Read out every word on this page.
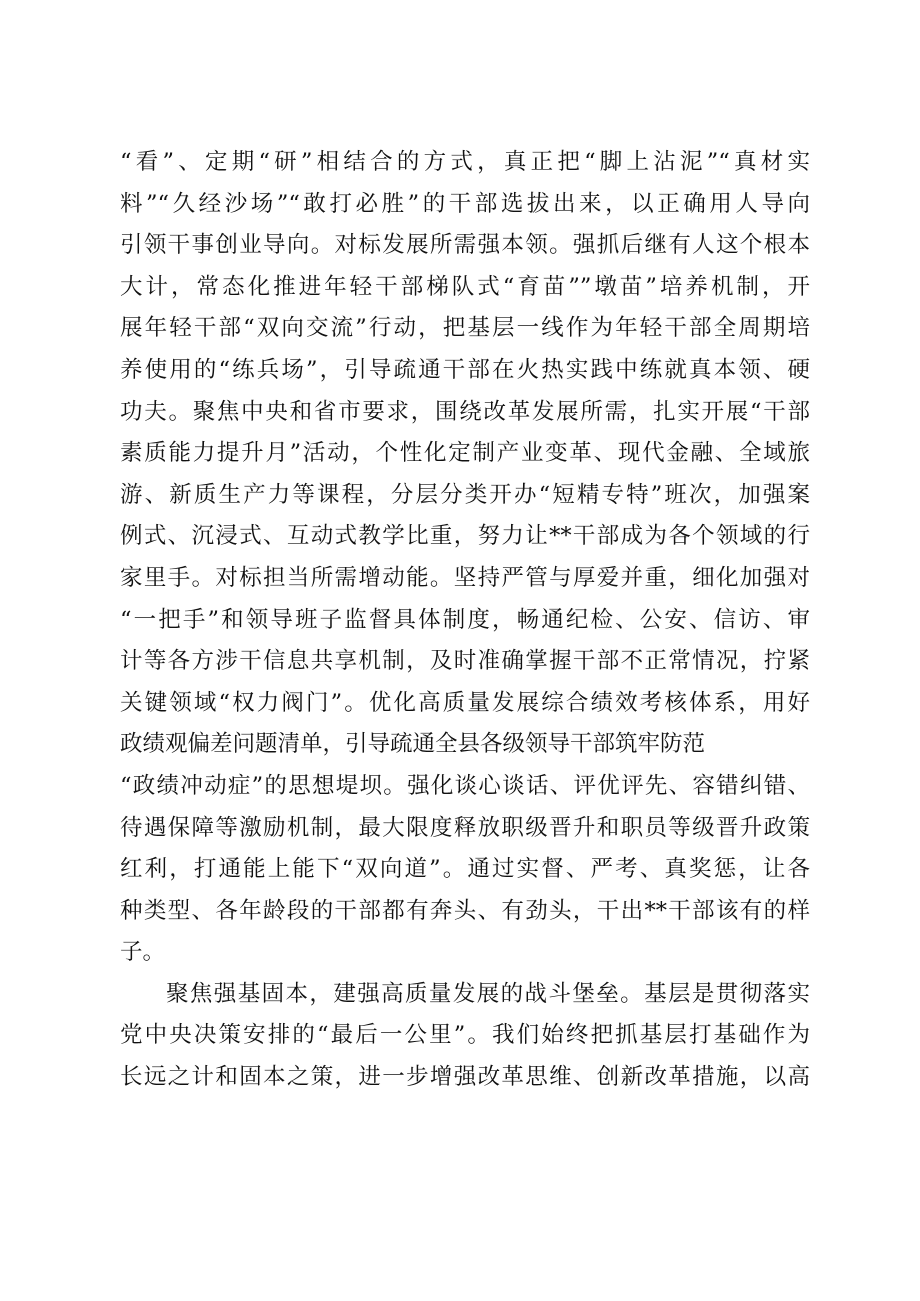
“看”、定期“研”相结合的方式，真正把“脚上沾泥”“真材实
料”“久经沙场”“敢打必胜”的干部选拔出来，以正确用人导向
引领干事创业导向。对标发展所需强本领。强抓后继有人这个根本
大计，常态化推进年轻干部梯队式“育苗””墩苗”培养机制，开
展年轻干部“双向交流”行动，把基层一线作为年轻干部全周期培
养使用的“练兵场”，引导疏通干部在火热实践中练就真本领、硬
功夫。聚焦中央和省市要求，围绕改革发展所需，扎实开展“干部
素质能力提升月”活动，个性化定制产业变革、现代金融、全域旅
游、新质生产力等课程，分层分类开办“短精专特”班次，加强案
例式、沉浸式、互动式教学比重，努力让**干部成为各个领域的行
家里手。对标担当所需增动能。坚持严管与厚爱并重，细化加强对
“一把手”和领导班子监督具体制度，畅通纪检、公安、信访、审
计等各方涉干信息共享机制，及时准确掌握干部不正常情况，拧紧
关键领域“权力阀门”。优化高质量发展综合绩效考核体系，用好
政绩观偏差问题清单，引导疏通全县各级领导干部筑牢防范
“政绩冲动症”的思想堤坝。强化谈心谈话、评优评先、容错纠错、
待遇保障等激励机制，最大限度释放职级晋升和职员等级晋升政策
红利，打通能上能下“双向道”。通过实督、严考、真奖惩，让各
种类型、各年龄段的干部都有奔头、有劲头，干出**干部该有的样
子。
聚焦强基固本，建强高质量发展的战斗堡垒。基层是贯彻落实
党中央决策安排的“最后一公里”。我们始终把抓基层打基础作为
长远之计和固本之策，进一步增强改革思维、创新改革措施，以高
